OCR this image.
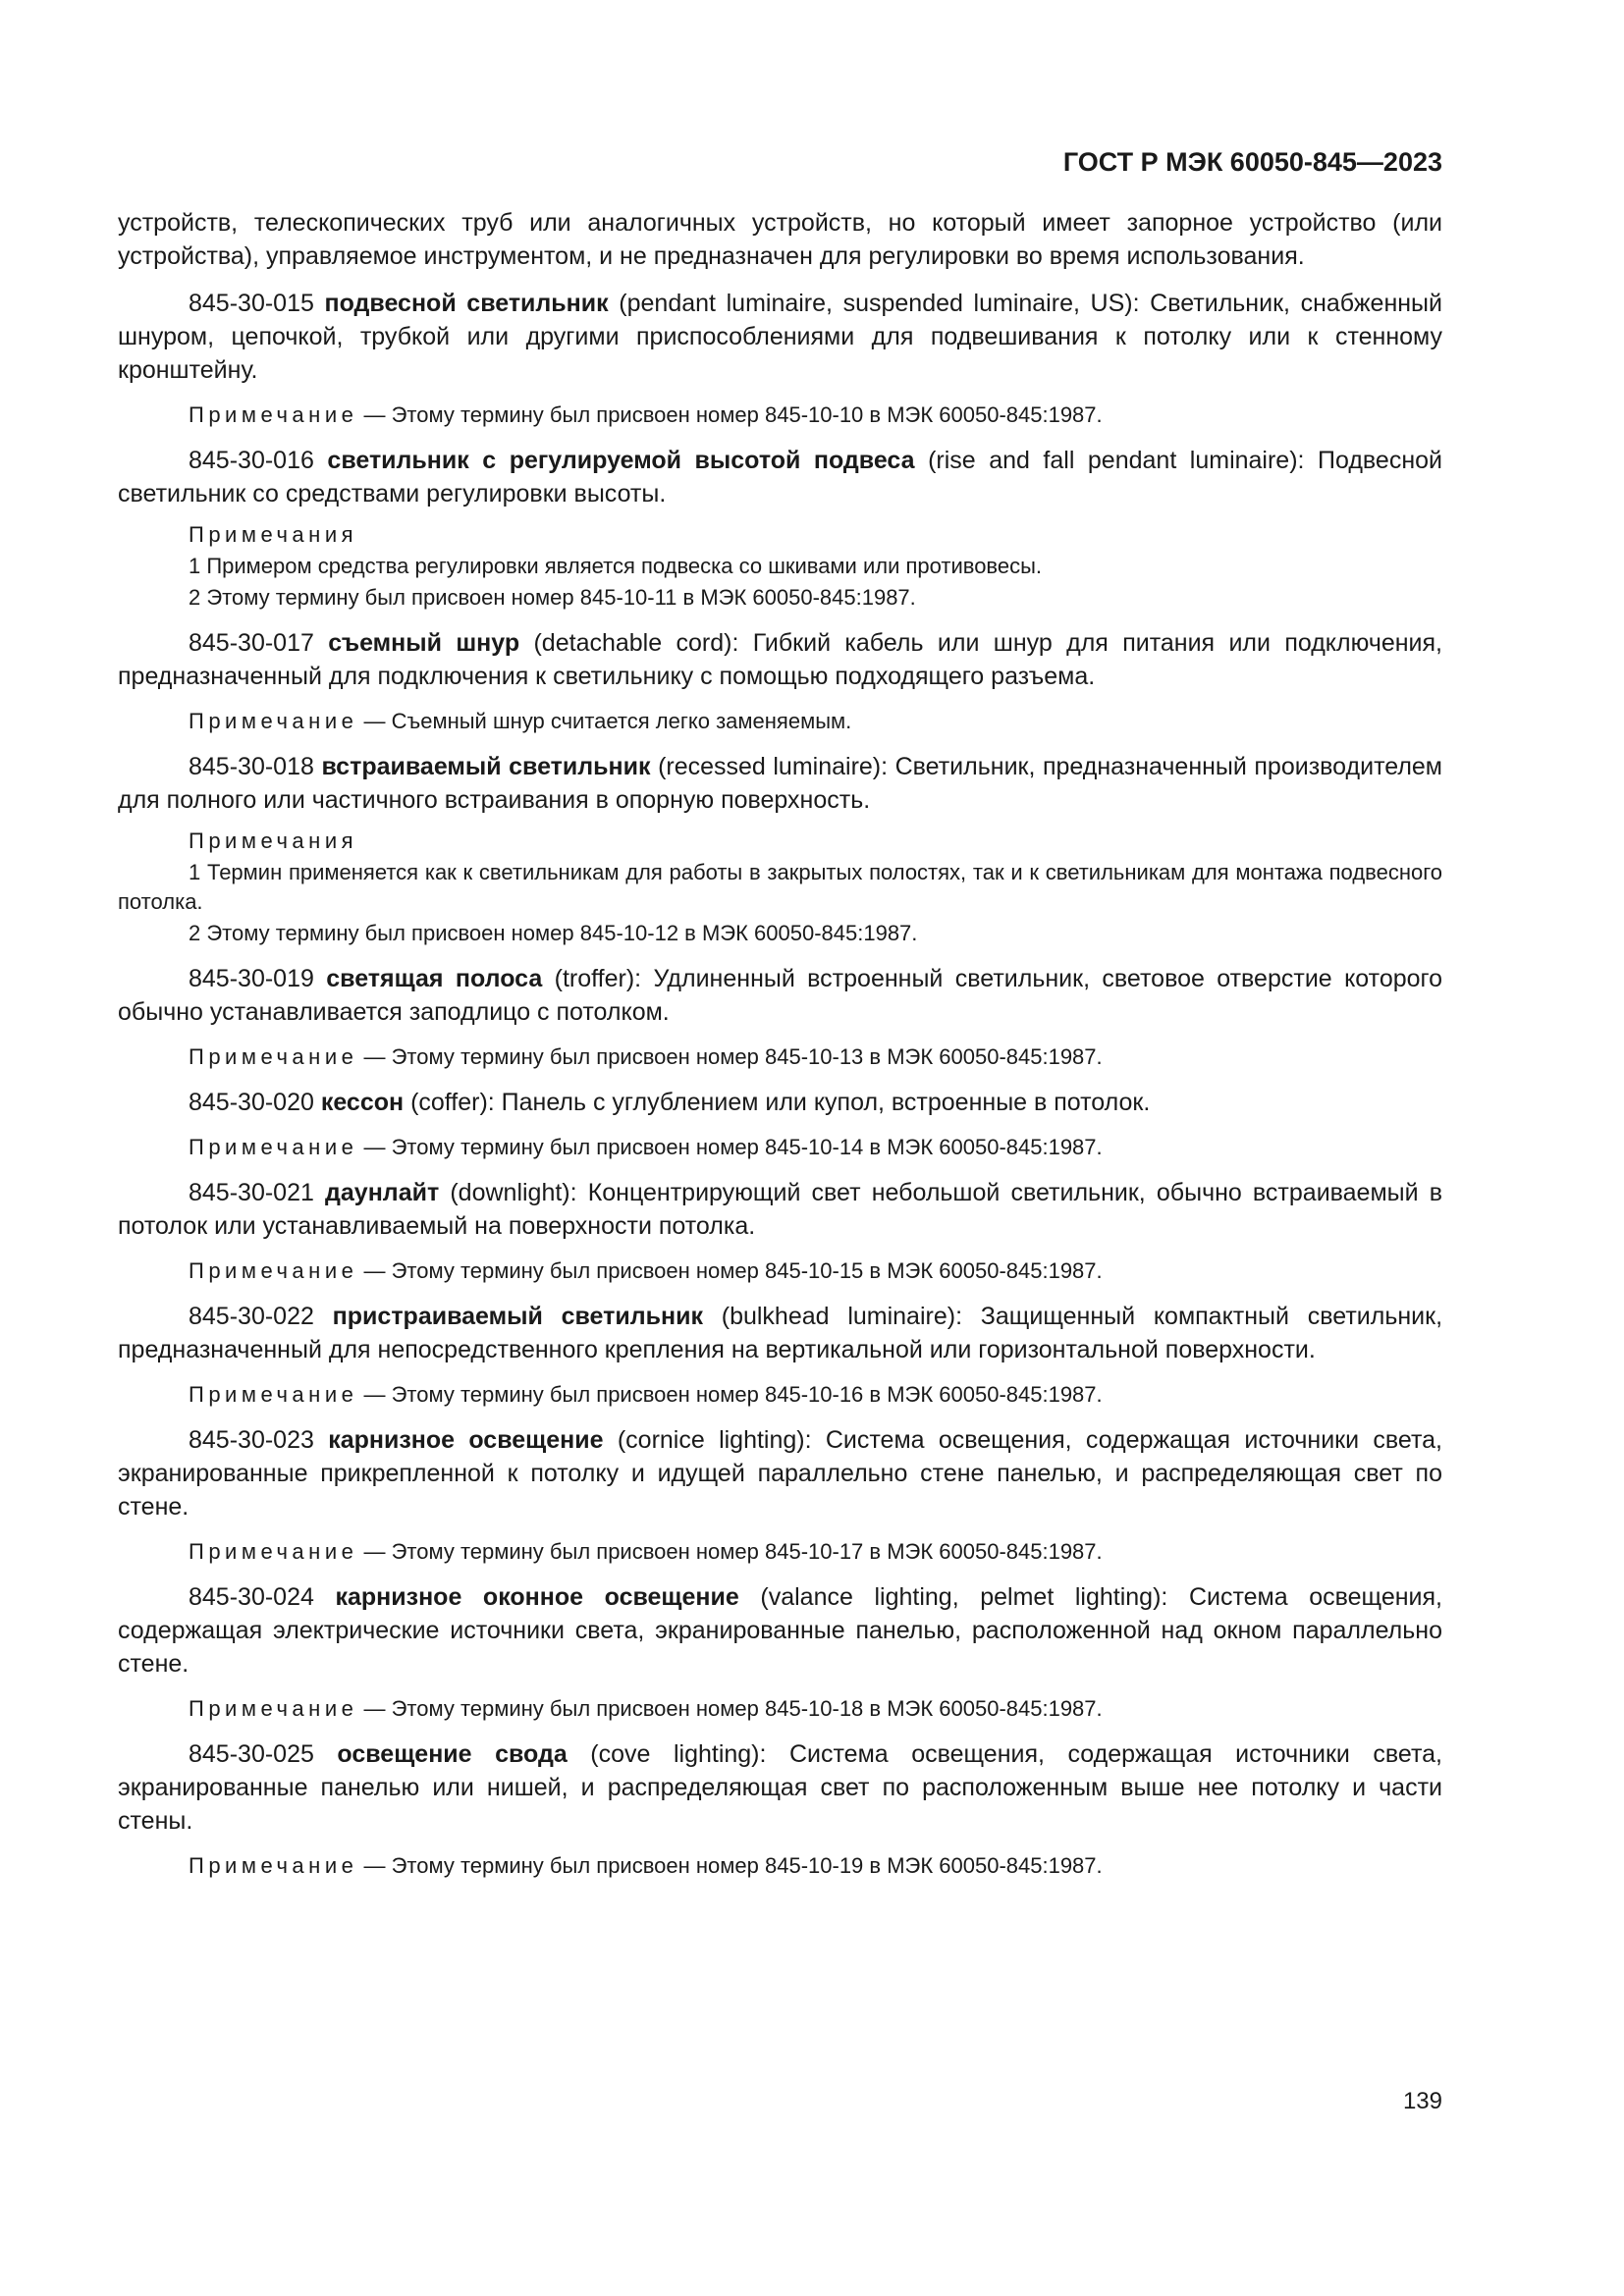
ГОСТ Р МЭК 60050-845—2023

устройств, телескопических труб или аналогичных устройств, но который имеет запорное устройство (или устройства), управляемое инструментом, и не предназначен для регулировки во время использования.

845-30-015 подвесной светильник (pendant luminaire, suspended luminaire, US): Светильник, снабженный шнуром, цепочкой, трубкой или другими приспособлениями для подвешивания к потолку или к стенному кронштейну.

Примечание — Этому термину был присвоен номер 845-10-10 в МЭК 60050-845:1987.

845-30-016 светильник с регулируемой высотой подвеса (rise and fall pendant luminaire): Подвесной светильник со средствами регулировки высоты.

Примечания

1 Примером средства регулировки является подвеска со шкивами или противовесы.

2 Этому термину был присвоен номер 845-10-11 в МЭК 60050-845:1987.

845-30-017 съемный шнур (detachable cord): Гибкий кабель или шнур для питания или подключения, предназначенный для подключения к светильнику с помощью подходящего разъема.

Примечание — Съемный шнур считается легко заменяемым.

845-30-018 встраиваемый светильник (recessed luminaire): Светильник, предназначенный производителем для полного или частичного встраивания в опорную поверхность.

Примечания

1 Термин применяется как к светильникам для работы в закрытых полостях, так и к светильникам для монтажа подвесного потолка.

2 Этому термину был присвоен номер 845-10-12 в МЭК 60050-845:1987.

845-30-019 светящая полоса (troffer): Удлиненный встроенный светильник, световое отверстие которого обычно устанавливается заподлицо с потолком.

Примечание — Этому термину был присвоен номер 845-10-13 в МЭК 60050-845:1987.

845-30-020 кессон (coffer): Панель с углублением или купол, встроенные в потолок.

Примечание — Этому термину был присвоен номер 845-10-14 в МЭК 60050-845:1987.

845-30-021 даунлайт (downlight): Концентрирующий свет небольшой светильник, обычно встраиваемый в потолок или устанавливаемый на поверхности потолка.

Примечание — Этому термину был присвоен номер 845-10-15 в МЭК 60050-845:1987.

845-30-022 пристраиваемый светильник (bulkhead luminaire): Защищенный компактный светильник, предназначенный для непосредственного крепления на вертикальной или горизонтальной поверхности.

Примечание — Этому термину был присвоен номер 845-10-16 в МЭК 60050-845:1987.

845-30-023 карнизное освещение (cornice lighting): Система освещения, содержащая источники света, экранированные прикрепленной к потолку и идущей параллельно стене панелью, и распределяющая свет по стене.

Примечание — Этому термину был присвоен номер 845-10-17 в МЭК 60050-845:1987.

845-30-024 карнизное оконное освещение (valance lighting, pelmet lighting): Система освещения, содержащая электрические источники света, экранированные панелью, расположенной над окном параллельно стене.

Примечание — Этому термину был присвоен номер 845-10-18 в МЭК 60050-845:1987.

845-30-025 освещение свода (cove lighting): Система освещения, содержащая источники света, экранированные панелью или нишей, и распределяющая свет по расположенным выше нее потолку и части стены.

Примечание — Этому термину был присвоен номер 845-10-19 в МЭК 60050-845:1987.

139
